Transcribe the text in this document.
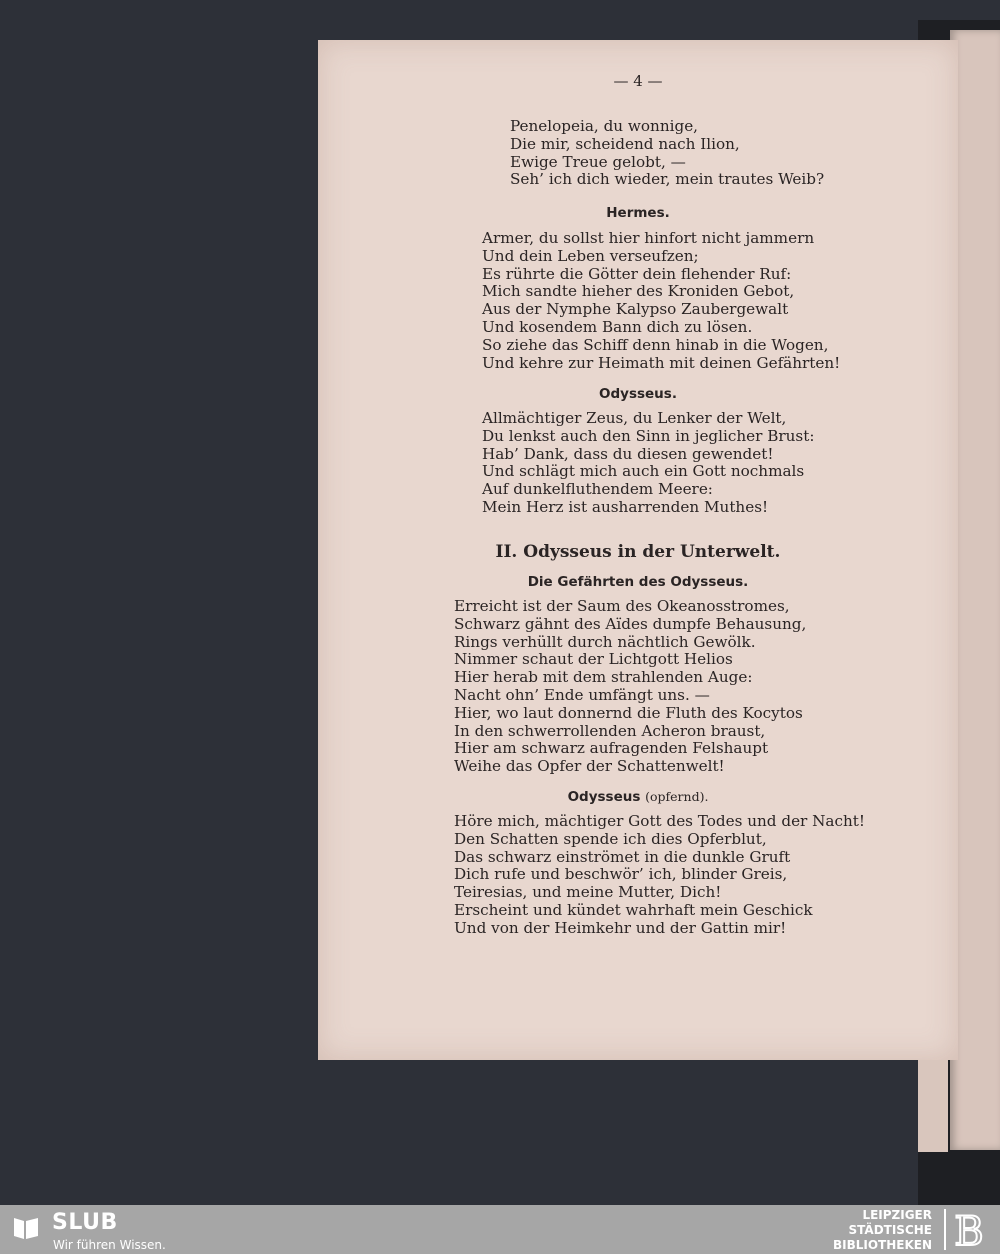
— 4 —
Penelopeia, du wonnige,
Die mir, scheidend nach Ilion,
Ewige Treue gelobt, —
Seh’ ich dich wieder, mein trautes Weib?
Hermes.
Armer, du sollst hier hinfort nicht jammern
Und dein Leben verseufzen;
Es rührte die Götter dein flehender Ruf:
Mich sandte hieher des Kroniden Gebot,
Aus der Nymphe Kalypso Zaubergewalt
Und kosendem Bann dich zu lösen.
So ziehe das Schiff denn hinab in die Wogen,
Und kehre zur Heimath mit deinen Gefährten!
Odysseus.
Allmächtiger Zeus, du Lenker der Welt,
Du lenkst auch den Sinn in jeglicher Brust:
Hab’ Dank, dass du diesen gewendet!
Und schlägt mich auch ein Gott nochmals
Auf dunkelfluthendem Meere:
Mein Herz ist ausharrenden Muthes!
II. Odysseus in der Unterwelt.
Die Gefährten des Odysseus.
Erreicht ist der Saum des Okeanosstromes,
Schwarz gähnt des Aïdes dumpfe Behausung,
Rings verhüllt durch nächtlich Gewölk.
Nimmer schaut der Lichtgott Helios
Hier herab mit dem strahlenden Auge:
Nacht ohn’ Ende umfängt uns. —
Hier, wo laut donnernd die Fluth des Kocytos
In den schwerrollenden Acheron braust,
Hier am schwarz aufragenden Felshaupt
Weihe das Opfer der Schattenwelt!
Odysseus (opfernd).
Höre mich, mächtiger Gott des Todes und der Nacht!
Den Schatten spende ich dies Opferblut,
Das schwarz einströmet in die dunkle Gruft
Dich rufe und beschwör’ ich, blinder Greis,
Teiresias, und meine Mutter, Dich!
Erscheint und kündet wahrhaft mein Geschick
Und von der Heimkehr und der Gattin mir!
SLUB
Wir führen Wissen.
LEIPZIGER
STÄDTISCHE
BIBLIOTHEKEN B
